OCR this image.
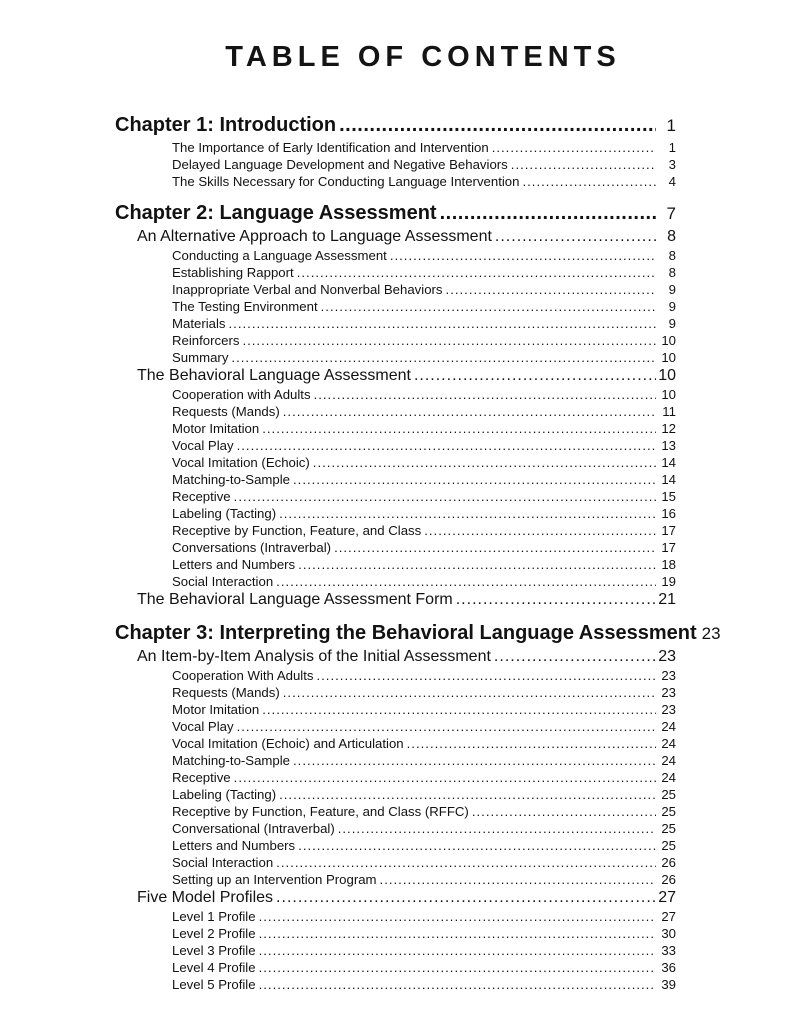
TABLE OF CONTENTS
Chapter 1: Introduction .....	1
The Importance of Early Identification and Intervention .....	1
Delayed Language Development and Negative Behaviors .....	3
The Skills Necessary for Conducting Language Intervention .....	4
Chapter 2: Language Assessment .....	7
An Alternative Approach to Language Assessment .....	8
Conducting a Language Assessment .....	8
Establishing Rapport .....	8
Inappropriate Verbal and Nonverbal Behaviors .....	9
The Testing Environment .....	9
Materials .....	9
Reinforcers .....	10
Summary .....	10
The Behavioral Language Assessment .....	10
Cooperation with Adults .....	10
Requests (Mands) .....	11
Motor Imitation .....	12
Vocal Play .....	13
Vocal Imitation (Echoic) .....	14
Matching-to-Sample .....	14
Receptive .....	15
Labeling (Tacting) .....	16
Receptive by Function, Feature, and Class .....	17
Conversations (Intraverbal) .....	17
Letters and Numbers .....	18
Social Interaction .....	19
The Behavioral Language Assessment Form .....	21
Chapter 3: Interpreting the Behavioral Language Assessment 23
An Item-by-Item Analysis of the Initial Assessment .....	23
Cooperation With Adults .....	23
Requests (Mands) .....	23
Motor Imitation .....	23
Vocal Play .....	24
Vocal Imitation (Echoic) and Articulation .....	24
Matching-to-Sample .....	24
Receptive .....	24
Labeling (Tacting) .....	25
Receptive by Function, Feature, and Class (RFFC) .....	25
Conversational (Intraverbal) .....	25
Letters and Numbers .....	25
Social Interaction .....	26
Setting up an Intervention Program .....	26
Five Model Profiles .....	27
Level 1 Profile .....	27
Level 2 Profile .....	30
Level 3 Profile .....	33
Level 4 Profile .....	36
Level 5 Profile .....	39
